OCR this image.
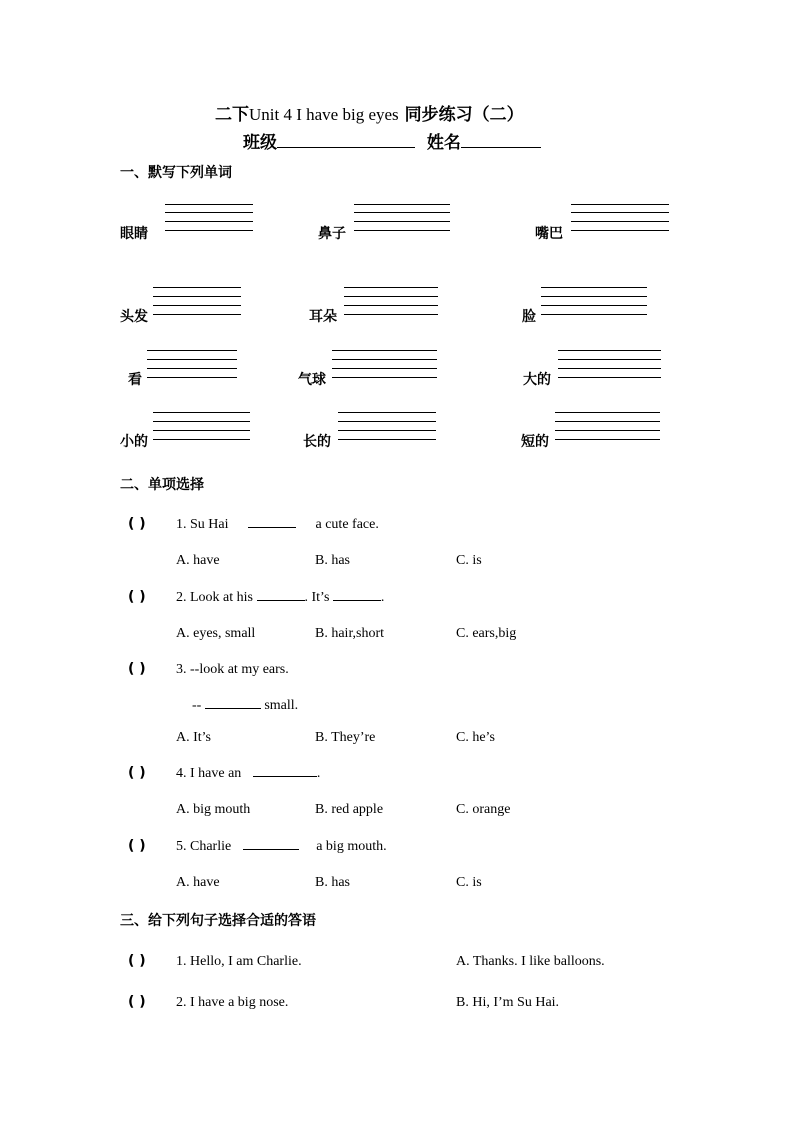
二下Unit 4 I have big eyes 同步练习（二）
班级	姓名
一、默写下列单词
眼睛	鼻子	嘴巴
头发	耳朵	脸
看	气球	大的
小的	长的	短的
二、单项选择
( ) 1. Su Hai	a cute face.
A. have	B. has	C. is
( ) 2. Look at his	. It’s	.
A. eyes, small	B. hair,short	C. ears,big
( ) 3. --look at my ears.
--	small.
A. It’s	B. They’re	C. he’s
( ) 4. I have an	.
A. big mouth	B. red apple	C. orange
( ) 5. Charlie	a big mouth.
A. have	B. has	C. is
三、给下列句子选择合适的答语
( ) 1. Hello, I am Charlie.	A. Thanks. I like balloons.
( ) 2. I have a big nose.	B. Hi, I’m Su Hai.
